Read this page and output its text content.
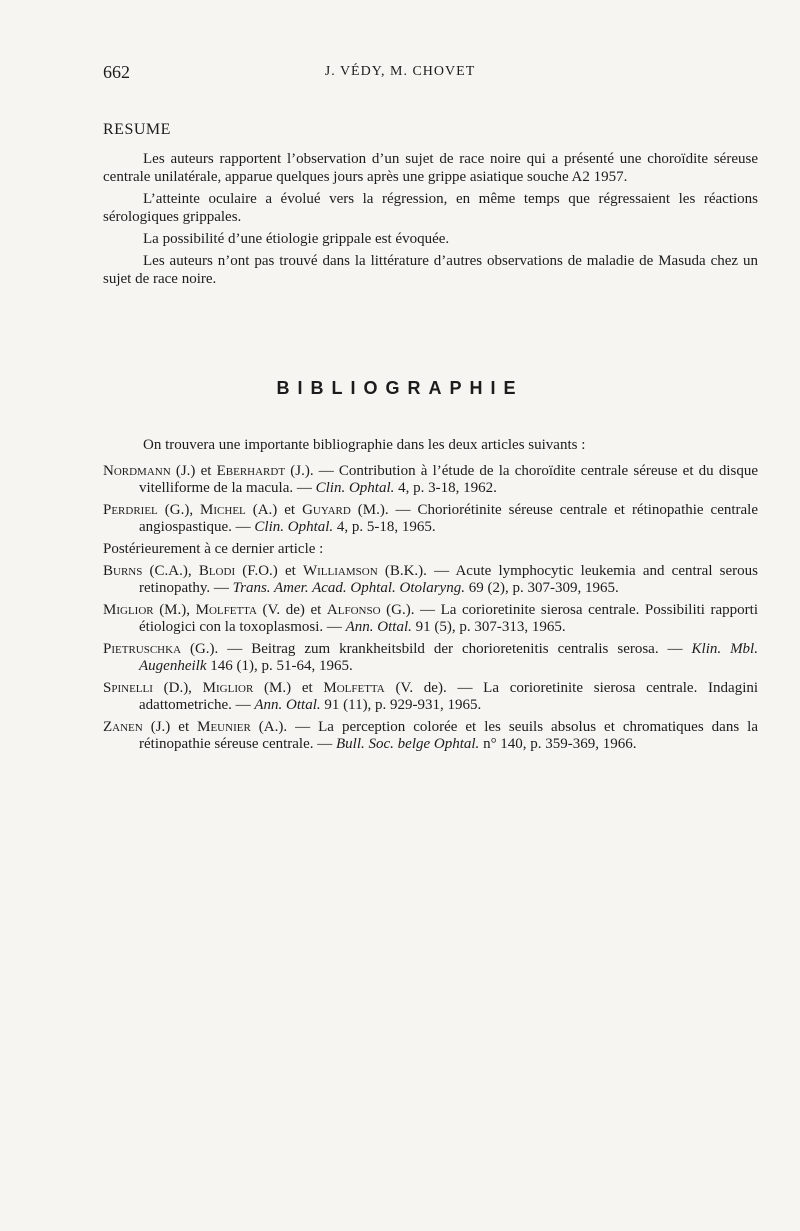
662	J. VÉDY, M. CHOVET
RESUME

Les auteurs rapportent l’observation d’un sujet de race noire qui a présenté une choroïdite séreuse centrale unilatérale, apparue quelques jours après une grippe asiatique souche A2 1957.

L’atteinte oculaire a évolué vers la régression, en même temps que régressaient les réactions sérologiques grippales.

La possibilité d’une étiologie grippale est évoquée.

Les auteurs n’ont pas trouvé dans la littérature d’autres observations de maladie de Masuda chez un sujet de race noire.

BIBLIOGRAPHIE
On trouvera une importante bibliographie dans les deux articles suivants :
Nordmann (J.) et Eberhardt (J.). — Contribution à l’étude de la choroïdite centrale séreuse et du disque vitelliforme de la macula. — Clin. Ophtal. 4, p. 3-18, 1962.
Perdriel (G.), Michel (A.) et Guyard (M.). — Choriorétinite séreuse centrale et rétinopathie centrale angiospastique. — Clin. Ophtal. 4, p. 5-18, 1965.
Postérieurement à ce dernier article :
Burns (C.A.), Blodi (F.O.) et Williamson (B.K.). — Acute lymphocytic leukemia and central serous retinopathy. — Trans. Amer. Acad. Ophtal. Otolaryng. 69 (2), p. 307-309, 1965.
Miglior (M.), Molfetta (V. de) et Alfonso (G.). — La corioretinite sierosa centrale. Possibiliti rapporti étiologici con la toxoplasmosi. — Ann. Ottal. 91 (5), p. 307-313, 1965.
Pietruschka (G.). — Beitrag zum krankheitsbild der chorioretenitis centralis serosa. — Klin. Mbl. Augenheilk 146 (1), p. 51-64, 1965.
Spinelli (D.), Miglior (M.) et Molfetta (V. de). — La corioretinite sierosa centrale. Indagini adattometriche. — Ann. Ottal. 91 (11), p. 929-931, 1965.
Zanen (J.) et Meunier (A.). — La perception colorée et les seuils absolus et chromatiques dans la rétinopathie séreuse centrale. — Bull. Soc. belge Ophtal. n° 140, p. 359-369, 1966.
